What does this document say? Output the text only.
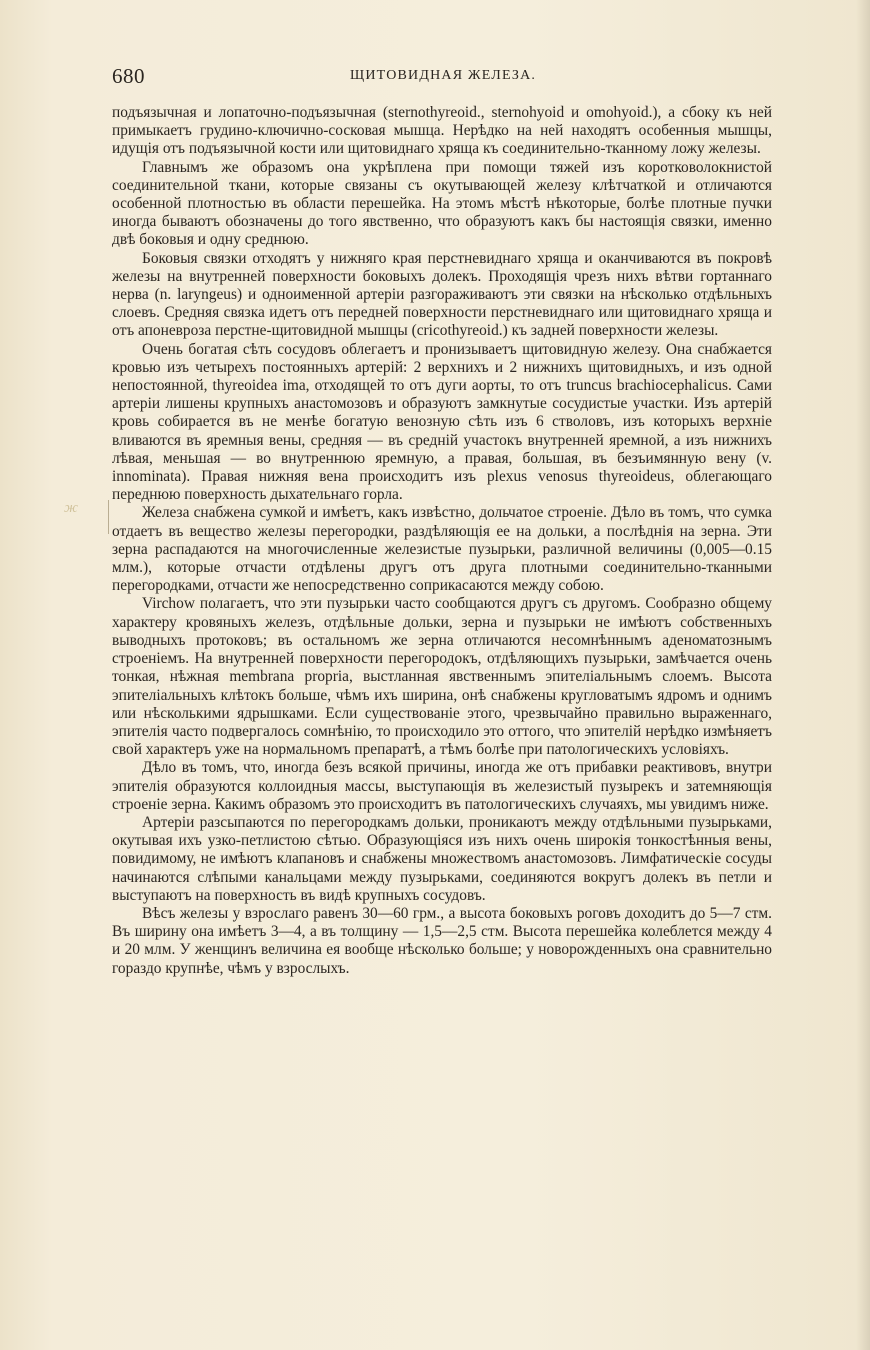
680	ЩИТОВИДНАЯ ЖЕЛЕЗА.
ж

подъязычная и лопаточно-подъязычная (sternothyreoid., sternohyoid и omohyoid.), а сбоку къ ней примыкаетъ грудино-ключично-сосковая мышца. Нерѣдко на ней находятъ особенныя мышцы, идущія отъ подъязычной кости или щитовиднаго хряща къ соединительно-тканному ложу железы.

Главнымъ же образомъ она укрѣплена при помощи тяжей изъ коротковолокнистой соединительной ткани, которые связаны съ окутывающей железу клѣтчаткой и отличаются особенной плотностью въ области перешейка. На этомъ мѣстѣ нѣкоторые, болѣе плотные пучки иногда бываютъ обозначены до того явственно, что образуютъ какъ бы настоящія связки, именно двѣ боковыя и одну среднюю.

Боковыя связки отходятъ у нижняго края перстневиднаго хряща и оканчиваются въ покровѣ железы на внутренней поверхности боковыхъ долекъ. Проходящія чрезъ нихъ вѣтви гортаннаго нерва (n. laryngeus) и одноименной артеріи разгораживаютъ эти связки на нѣсколько отдѣльныхъ слоевъ. Средняя связка идетъ отъ передней поверхности перстневиднаго или щитовиднаго хряща и отъ апоневроза перстне-щитовидной мышцы (cricothyreoid.) къ задней поверхности железы.

Очень богатая сѣть сосудовъ облегаетъ и пронизываетъ щитовидную железу. Она снабжается кровью изъ четырехъ постоянныхъ артерій: 2 верхнихъ и 2 нижнихъ щитовидныхъ, и изъ одной непостоянной, thyreoidea ima, отходящей то отъ дуги аорты, то отъ truncus brachiocephalicus. Сами артеріи лишены крупныхъ анастомозовъ и образуютъ замкнутые сосудистые участки. Изъ артерій кровь собирается въ не менѣе богатую венозную сѣть изъ 6 стволовъ, изъ которыхъ верхніе вливаются въ яремныя вены, средняя — въ средній участокъ внутренней яремной, а изъ нижнихъ лѣвая, меньшая — во внутреннюю яремную, а правая, большая, въ безъимянную вену (v. innominata). Правая нижняя вена происходитъ изъ plexus venosus thyreoideus, облегающаго переднюю поверхность дыхательнаго горла.

Железа снабжена сумкой и имѣетъ, какъ извѣстно, дольчатое строеніе. Дѣло въ томъ, что сумка отдаетъ въ вещество железы перегородки, раздѣляющія ее на дольки, а послѣднія на зерна. Эти зерна распадаются на многочисленные железистые пузырьки, различной величины (0,005—0.15 млм.), которые отчасти отдѣлены другъ отъ друга плотными соединительно-тканными перегородками, отчасти же непосредственно соприкасаются между собою.

Virchow полагаетъ, что эти пузырьки часто сообщаются другъ съ другомъ. Сообразно общему характеру кровяныхъ железъ, отдѣльные дольки, зерна и пузырьки не имѣютъ собственныхъ выводныхъ протоковъ; въ остальномъ же зерна отличаются несомнѣннымъ аденоматознымъ строеніемъ. На внутренней поверхности перегородокъ, отдѣляющихъ пузырьки, замѣчается очень тонкая, нѣжная membrana propria, выстланная явственнымъ эпителіальнымъ слоемъ. Высота эпителіальныхъ клѣтокъ больше, чѣмъ ихъ ширина, онѣ снабжены кругловатымъ ядромъ и однимъ или нѣсколькими ядрышками. Если существованіе этого, чрезвычайно правильно выраженнаго, эпителія часто подвергалось сомнѣнію, то происходило это оттого, что эпителій нерѣдко измѣняетъ свой характеръ уже на нормальномъ препаратѣ, а тѣмъ болѣе при патологическихъ условіяхъ.

Дѣло въ томъ, что, иногда безъ всякой причины, иногда же отъ прибавки реактивовъ, внутри эпителія образуются коллоидныя массы, выступающія въ железистый пузырекъ и затемняющія строеніе зерна. Какимъ образомъ это происходитъ въ патологическихъ случаяхъ, мы увидимъ ниже.

Артеріи разсыпаются по перегородкамъ дольки, проникаютъ между отдѣльными пузырьками, окутывая ихъ узко-петлистою сѣтью. Образующіяся изъ нихъ очень широкія тонкостѣнныя вены, повидимому, не имѣютъ клапановъ и снабжены множествомъ анастомозовъ. Лимфатическіе сосуды начинаются слѣпыми канальцами между пузырьками, соединяются вокругъ долекъ въ петли и выступаютъ на поверхность въ видѣ крупныхъ сосудовъ.

Вѣсъ железы у взрослаго равенъ 30—60 грм., а высота боковыхъ роговъ доходитъ до 5—7 стм. Въ ширину она имѣетъ 3—4, а въ толщину — 1,5—2,5 стм. Высота перешейка колеблется между 4 и 20 млм. У женщинъ величина ея вообще нѣсколько больше; у новорожденныхъ она сравнительно гораздо крупнѣе, чѣмъ у взрослыхъ.
